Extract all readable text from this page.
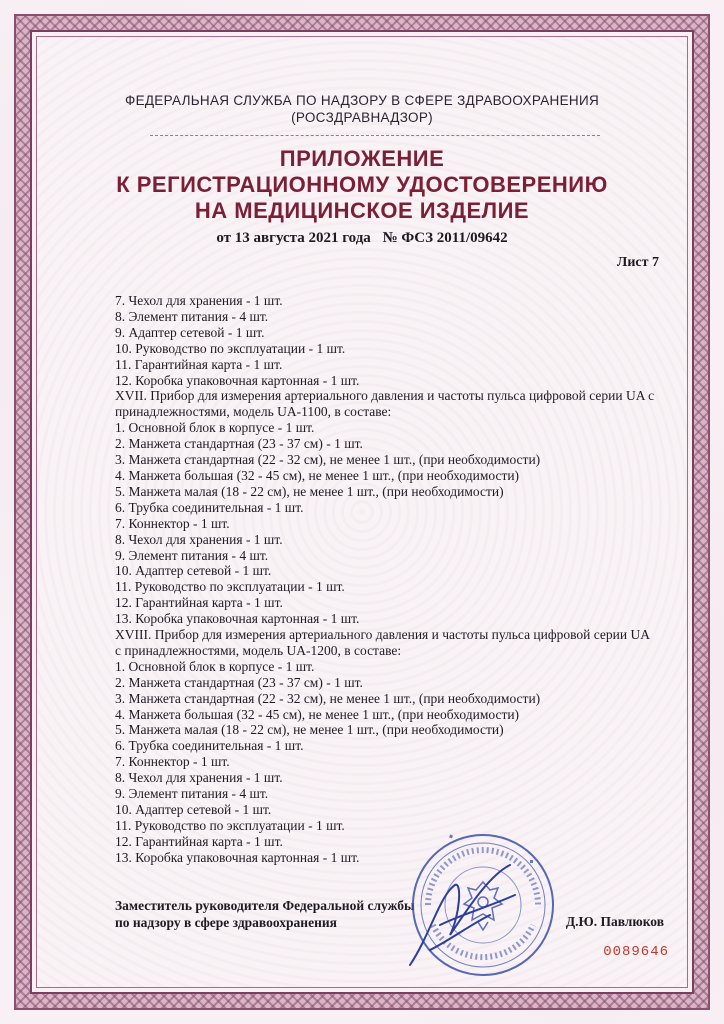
ФЕДЕРАЛЬНАЯ СЛУЖБА ПО НАДЗОРУ В СФЕРЕ ЗДРАВООХРАНЕНИЯ
(РОСЗДРАВНАДЗОР)
ПРИЛОЖЕНИЕ
К РЕГИСТРАЦИОННОМУ УДОСТОВЕРЕНИЮ
НА МЕДИЦИНСКОЕ ИЗДЕЛИЕ
от 13 августа 2021 года № ФСЗ 2011/09642
Лист 7
7. Чехол для хранения - 1 шт.
8. Элемент питания - 4 шт.
9. Адаптер сетевой - 1 шт.
10. Руководство по эксплуатации - 1 шт.
11. Гарантийная карта - 1 шт.
12. Коробка упаковочная картонная - 1 шт.
XVII. Прибор для измерения артериального давления и частоты пульса цифровой серии UA с принадлежностями, модель UA-1100, в составе:
1. Основной блок в корпусе - 1 шт.
2. Манжета стандартная (23 - 37 см) - 1 шт.
3. Манжета стандартная (22 - 32 см), не менее 1 шт., (при необходимости)
4. Манжета большая (32 - 45 см), не менее 1 шт., (при необходимости)
5. Манжета малая (18 - 22 см), не менее 1 шт., (при необходимости)
6. Трубка соединительная - 1 шт.
7. Коннектор - 1 шт.
8. Чехол для хранения - 1 шт.
9. Элемент питания - 4 шт.
10. Адаптер сетевой - 1 шт.
11. Руководство по эксплуатации - 1 шт.
12. Гарантийная карта - 1 шт.
13. Коробка упаковочная картонная - 1 шт.
XVIII. Прибор для измерения артериального давления и частоты пульса цифровой серии UA с принадлежностями, модель UA-1200, в составе:
1. Основной блок в корпусе - 1 шт.
2. Манжета стандартная (23 - 37 см) - 1 шт.
3. Манжета стандартная (22 - 32 см), не менее 1 шт., (при необходимости)
4. Манжета большая (32 - 45 см), не менее 1 шт., (при необходимости)
5. Манжета малая (18 - 22 см), не менее 1 шт., (при необходимости)
6. Трубка соединительная - 1 шт.
7. Коннектор - 1 шт.
8. Чехол для хранения - 1 шт.
9. Элемент питания - 4 шт.
10. Адаптер сетевой - 1 шт.
11. Руководство по эксплуатации - 1 шт.
12. Гарантийная карта - 1 шт.
13. Коробка упаковочная картонная - 1 шт.
Заместитель руководителя Федеральной службы
по надзору в сфере здравоохранения	Д.Ю. Павлюков
0089646
